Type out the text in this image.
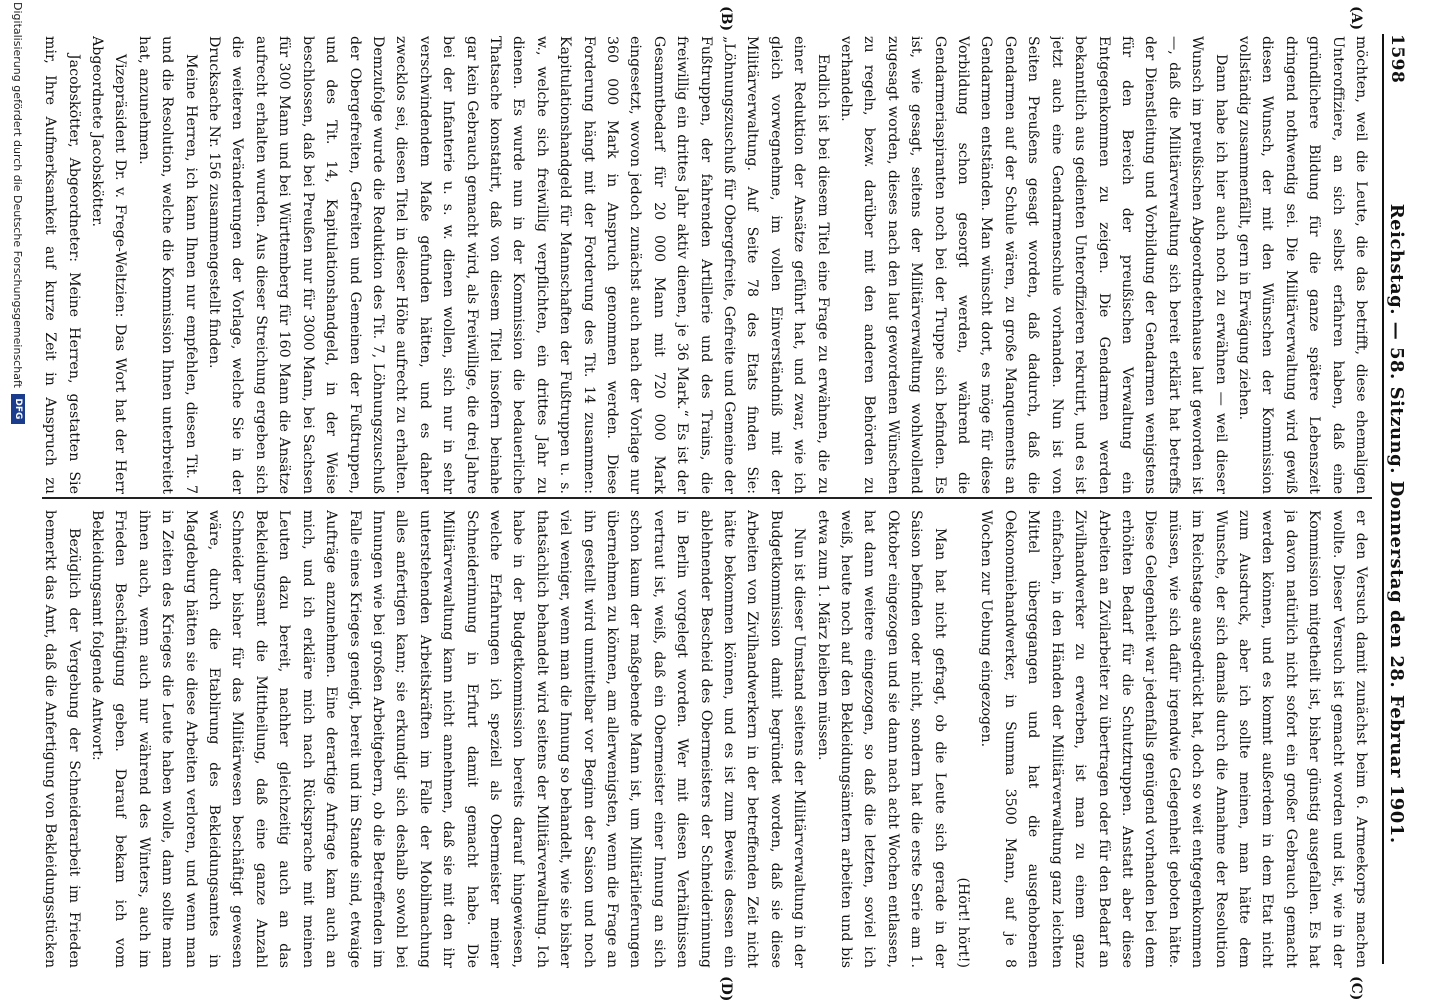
1598
Reichstag. — 58. Sitzung. Donnerstag den 28. Februar 1901.
(A)
(B)
(C)
(D)

möchten, weil die Leute, die das betrifft, diese ehemaligen Unteroffiziere, an sich selbst erfahren haben, daß eine gründlichere Bildung für die ganze spätere Lebenszeit dringend nothwendig sei. Die Militärverwaltung wird gewiß diesen Wunsch, der mit den Wünschen der Kommission vollständig zusammenfällt, gern in Erwägung ziehen.

Dann habe ich hier auch noch zu erwähnen — weil dieser Wunsch im preußischen Abgeordnetenhause laut geworden ist —, daß die Militärverwaltung sich bereit erklärt hat betreffs der Dienstleitung und Vorbildung der Gendarmen wenigstens für den Bereich der preußischen Verwaltung ein Entgegenkommen zu zeigen. Die Gendarmen werden bekanntlich aus gedienten Unteroffizieren rekrutirt, und es ist jetzt auch eine Gendarmenschule vorhanden. Nun ist von Seiten Preußens gesagt worden, daß dadurch, daß die Gendarmen auf der Schule wären, zu große Manquements an Gendarmen entständen. Man wünscht dort, es möge für diese Vorbildung schon gesorgt werden, während die Gendarmeriaspiranten noch bei der Truppe sich befinden. Es ist, wie gesagt, seitens der Militärverwaltung wohlwollend zugesagt worden, dieses nach den laut gewordenen Wünschen zu regeln, bezw. darüber mit den anderen Behörden zu verhandeln.

Endlich ist bei diesem Titel eine Frage zu erwähnen, die zu einer Reduktion der Ansätze geführt hat, und zwar, wie ich gleich vorwegnehme, im vollen Einverständniß mit der Militärverwaltung. Auf Seite 78 des Etats finden Sie: „Löhnungszuschuß für Obergefreite, Gefreite und Gemeine der Fußtruppen, der fahrenden Artillerie und des Trains, die freiwillig ein drittes Jahr aktiv dienen, je 36 Mark.“ Es ist der Gesammtbedarf für 20 000 Mann mit 720 000 Mark eingesetzt, wovon jedoch zunächst auch nach der Vorlage nur 360 000 Mark in Anspruch genommen werden. Diese Forderung hängt mit der Forderung des Tit. 14 zusammen: Kapitulationshandgeld für Mannschaften der Fußtruppen u. s. w., welche sich freiwillig verpflichten, ein drittes Jahr zu dienen. Es wurde nun in der Kommission die bedauerliche Thatsache konstatirt, daß von diesem Titel insofern beinahe gar kein Gebrauch gemacht wird, als Freiwillige, die drei Jahre bei der Infanterie u. s. w. dienen wollen, sich nur in sehr verschwindendem Maße gefunden hätten, und es daher zwecklos sei, diesen Titel in dieser Höhe aufrecht zu erhalten. Demzufolge wurde die Reduktion des Tit. 7, Löhnungszuschuß der Obergefreiten, Gefreiten und Gemeinen der Fußtruppen, und des Tit. 14, Kapitulationshandgeld, in der Weise beschlossen, daß bei Preußen nur für 3000 Mann, bei Sachsen für 300 Mann und bei Württemberg für 160 Mann die Ansätze aufrecht erhalten wurden. Aus dieser Streichung ergeben sich die weiteren Veränderungen der Vorlage, welche Sie in der Drucksache Nr. 156 zusammengestellt finden.

Meine Herren, ich kann Ihnen nur empfehlen, diesen Tit. 7 und die Resolution, welche die Kommission Ihnen unterbreitet hat, anzunehmen.

Vizepräsident Dr. v. Frege-Weltzien: Das Wort hat der Herr Abgeordnete Jacobskötter.

Jacobskötter, Abgeordneter: Meine Herren, gestatten Sie mir, Ihre Aufmerksamkeit auf kurze Zeit in Anspruch zu

er den Versuch damit zunächst beim 6. Armeekorps machen wollte. Dieser Versuch ist gemacht worden und ist, wie in der Kommission mitgetheilt ist, bisher günstig ausgefallen. Es hat ja davon natürlich nicht sofort ein großer Gebrauch gemacht werden können, und es kommt außerdem in dem Etat nicht zum Ausdruck, aber ich sollte meinen, man hätte dem Wunsche, der sich damals durch die Annahme der Resolution im Reichstage ausgedrückt hat, doch so weit entgegenkommen müssen, wie sich dafür irgendwie Gelegenheit geboten hätte. Diese Gelegenheit war jedenfalls genügend vorhanden bei dem erhöhten Bedarf für die Schutztruppen. Anstatt aber diese Arbeiten an Zivilarbeiter zu übertragen oder für den Bedarf an Zivilhandwerker zu erwerben, ist man zu einem ganz einfachen, in den Händen der Militärverwaltung ganz leichten Mittel übergegangen und hat die ausgehobenen Oekonomiehandwerker, in Summa 3500 Mann, auf je 8 Wochen zur Uebung eingezogen.

(Hört! hört!)

Man hat nicht gefragt, ob die Leute sich gerade in der Saison befinden oder nicht, sondern hat die erste Serie am 1. Oktober eingezogen und sie dann nach acht Wochen entlassen, hat dann weitere eingezogen, so daß die letzten, soviel ich weiß, heute noch auf den Bekleidungsämtern arbeiten und bis etwa zum 1. März bleiben müssen.

Nun ist dieser Umstand seitens der Militärverwaltung in der Budgetkommission damit begründet worden, daß sie diese Arbeiten von Zivilhandwerkern in der betreffenden Zeit nicht hätte bekommen können, und es ist zum Beweis dessen ein ablehnender Bescheid des Obermeisters der Schneiderinnung in Berlin vorgelegt worden. Wer mit diesen Verhältnissen vertraut ist, weiß, daß ein Obermeister einer Innung an sich schon kaum der maßgebende Mann ist, um Militärlieferungen übernehmen zu können, am allerwenigsten, wenn die Frage an ihn gestellt wird unmittelbar vor Beginn der Saison und noch viel weniger, wenn man die Innung so behandelt, wie sie bisher thatsächlich behandelt wird seitens der Militärverwaltung. Ich habe in der Budgetkommission bereits darauf hingewiesen, welche Erfahrungen ich speziell als Obermeister meiner Schneiderinnung in Erfurt damit gemacht habe. Die Militärverwaltung kann nicht annehmen, daß sie mit den ihr unterstehenden Arbeitskräften im Falle der Mobilmachung alles anfertigen kann; sie erkundigt sich deshalb sowohl bei Innungen wie bei großen Arbeitgebern, ob die Betreffenden im Falle eines Krieges geneigt, bereit und im Stande sind, etwaige Aufträge anzunehmen. Eine derartige Anfrage kam auch an mich, und ich erkläre mich nach Rücksprache mit meinen Leuten dazu bereit, nachher gleichzeitig auch an das Bekleidungsamt die Mittheilung, daß eine ganze Anzahl Schneider bisher für das Militärwesen beschäftigt gewesen wäre, durch die Etablirung des Bekleidungsamtes in Magdeburg hätten sie diese Arbeiten verloren, und wenn man in Zeiten des Krieges die Leute haben wolle, dann sollte man ihnen auch, wenn auch nur während des Winters, auch im Frieden Beschäftigung geben. Darauf bekam ich vom Bekleidungsamt folgende Antwort:

Bezüglich der Vergebung der Schneiderarbeit im Frieden bemerkt das Amt, daß die Anfertigung von Bekleidungsstücken

Digitalisierung gefördert durch die Deutsche Forschungsgemeinschaft
DFG
